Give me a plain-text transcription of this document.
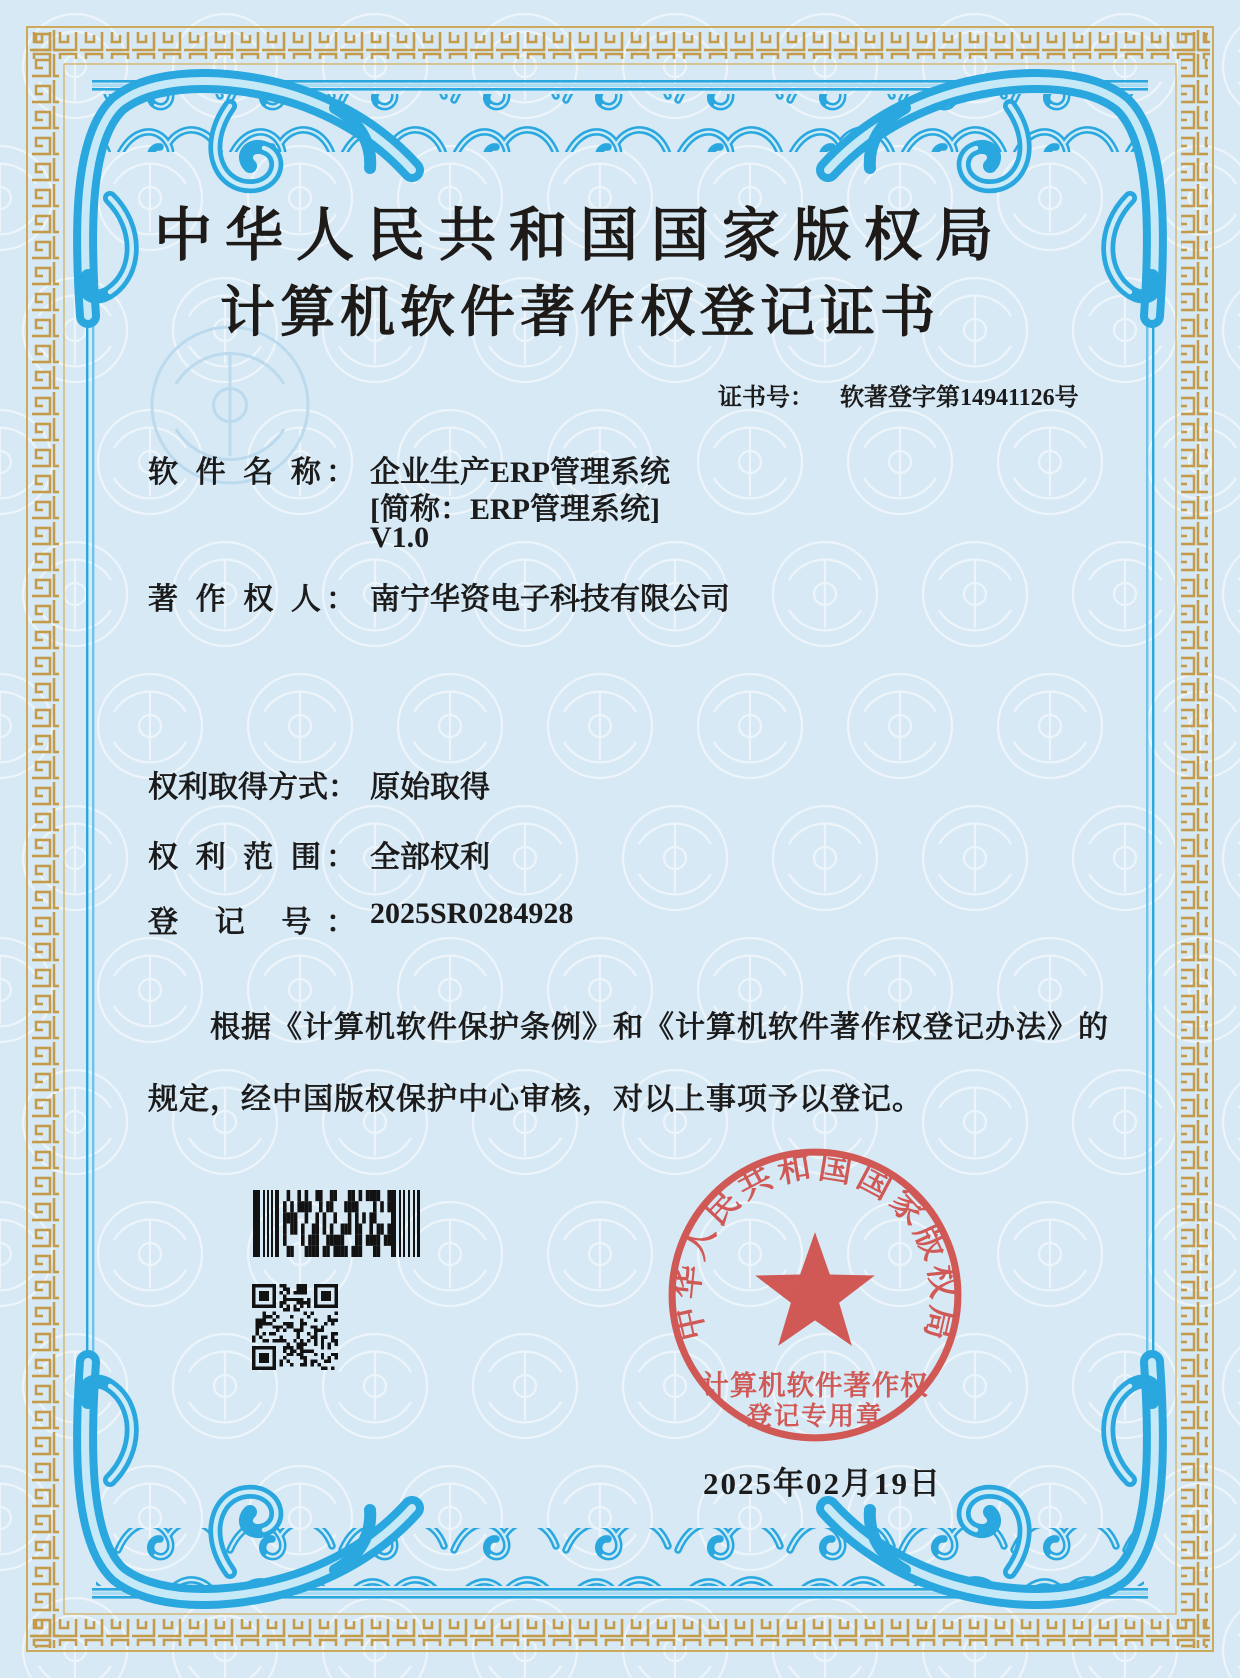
中华人民共和国国家版权局
计算机软件著作权登记证书
证书号： 软著登字第14941126号
软 件 名 称： 企业生产ERP管理系统
[简称：ERP管理系统]
V1.0
著 作 权 人： 南宁华资电子科技有限公司
权利取得方式： 原始取得
权 利 范 围： 全部权利
登 记 号： 2025SR0284928
根据《计算机软件保护条例》和《计算机软件著作权登记办法》的
规定，经中国版权保护中心审核，对以上事项予以登记。
中华人民共和国国家版权局
计算机软件著作权
登记专用章
2025年02月19日
